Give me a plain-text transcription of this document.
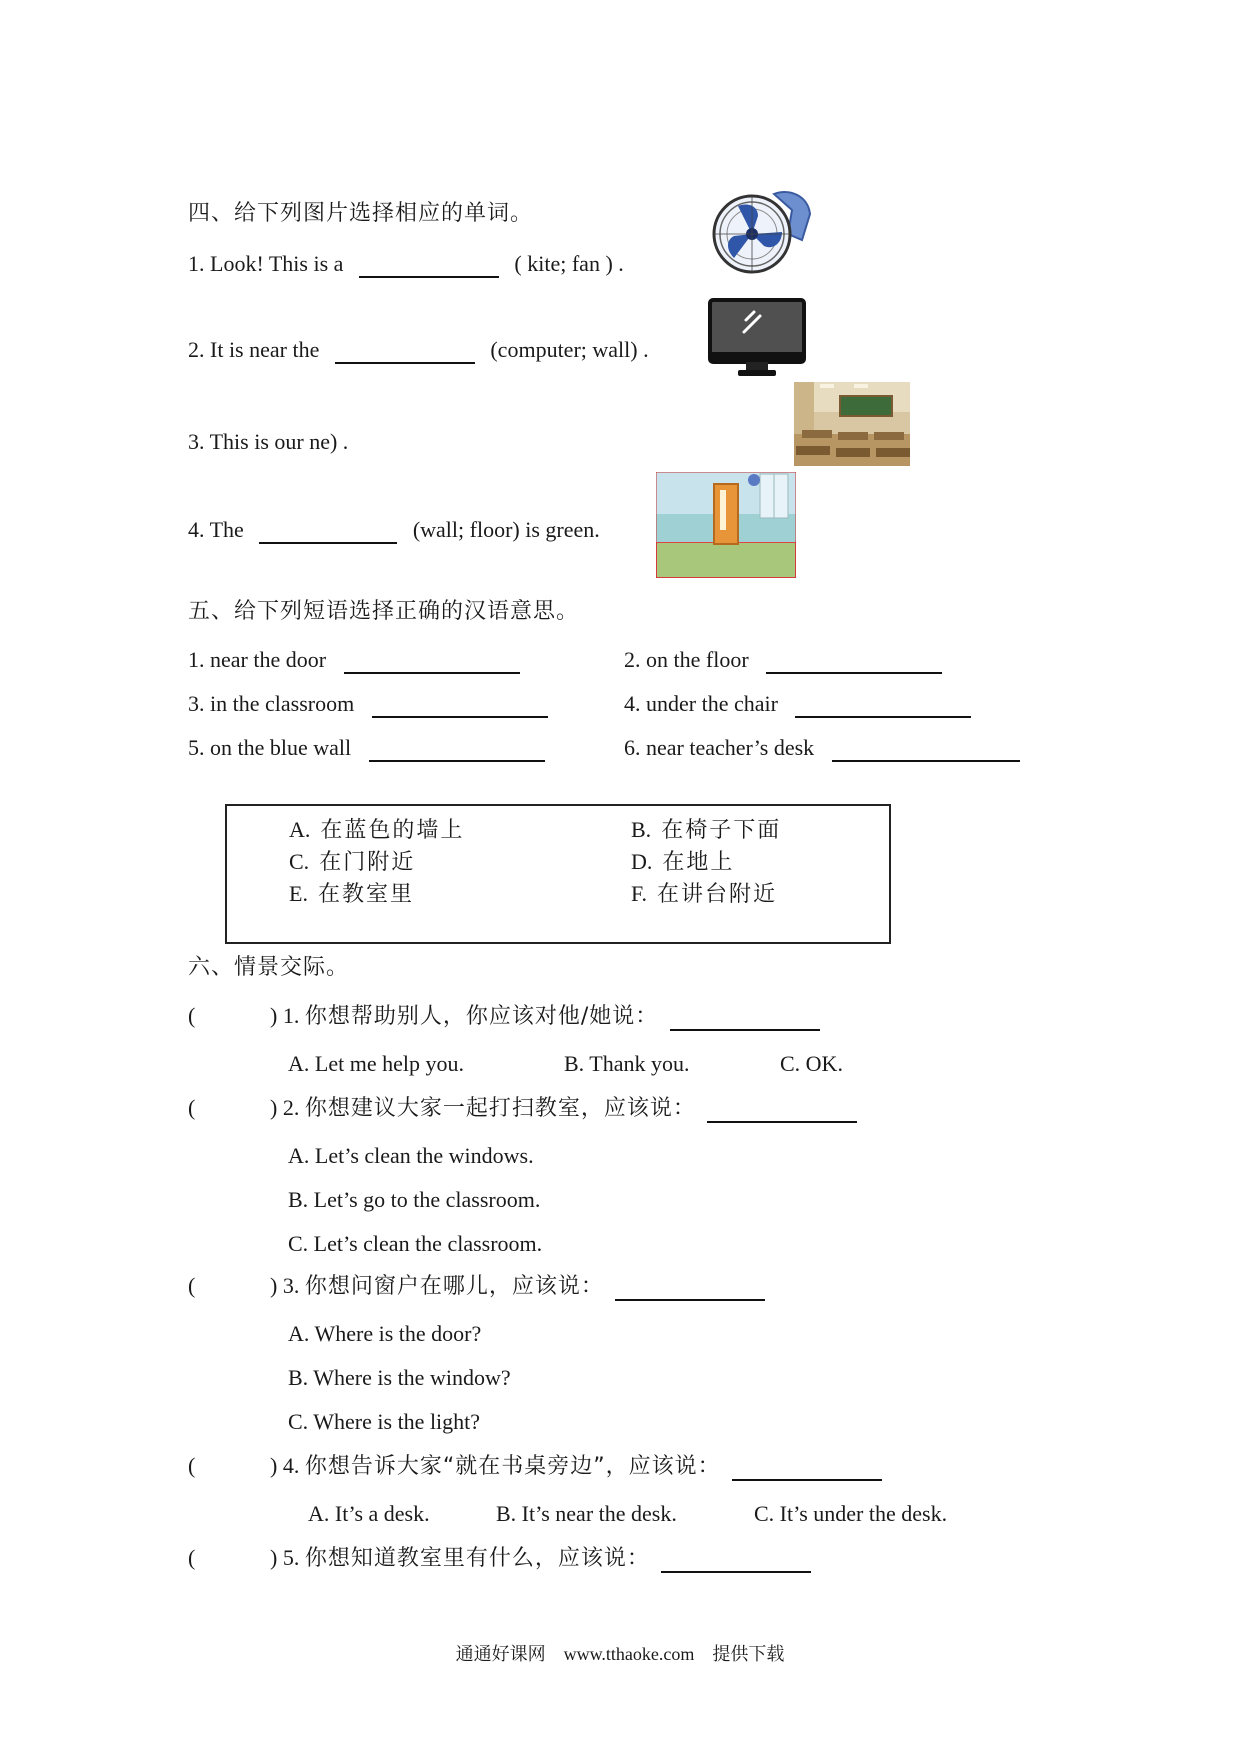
四、给下列图片选择相应的单词。
1. Look! This is a	( kite; fan ) .
2. It is near the	(computer; wall) .
3. This is our ne) .
4. The	(wall; floor) is green.
五、给下列短语选择正确的汉语意思。
1. near the door	2. on the floor
3. in the classroom	4. under the chair
5. on the blue wall	6. near teacher’s desk
A. 在蓝色的墙上	B. 在椅子下面
C. 在门附近	D. 在地上
E. 在教室里	F. 在讲台附近
六、情景交际。
(	) 1. 你想帮助别人，你应该对他/她说：
A. Let me help you.	B. Thank you.	C. OK.
(	) 2. 你想建议大家一起打扫教室，应该说：
A. Let’s clean the windows.
B. Let’s go to the classroom.
C. Let’s clean the classroom.
(	) 3. 你想问窗户在哪儿，应该说：
A. Where is the door?
B. Where is the window?
C. Where is the light?
(	) 4. 你想告诉大家“就在书桌旁边”，应该说：
A. It’s a desk.	B. It’s near the desk.	C. It’s under the desk.
(	) 5. 你想知道教室里有什么，应该说：
通通好课网 www.tthaoke.com 提供下载
